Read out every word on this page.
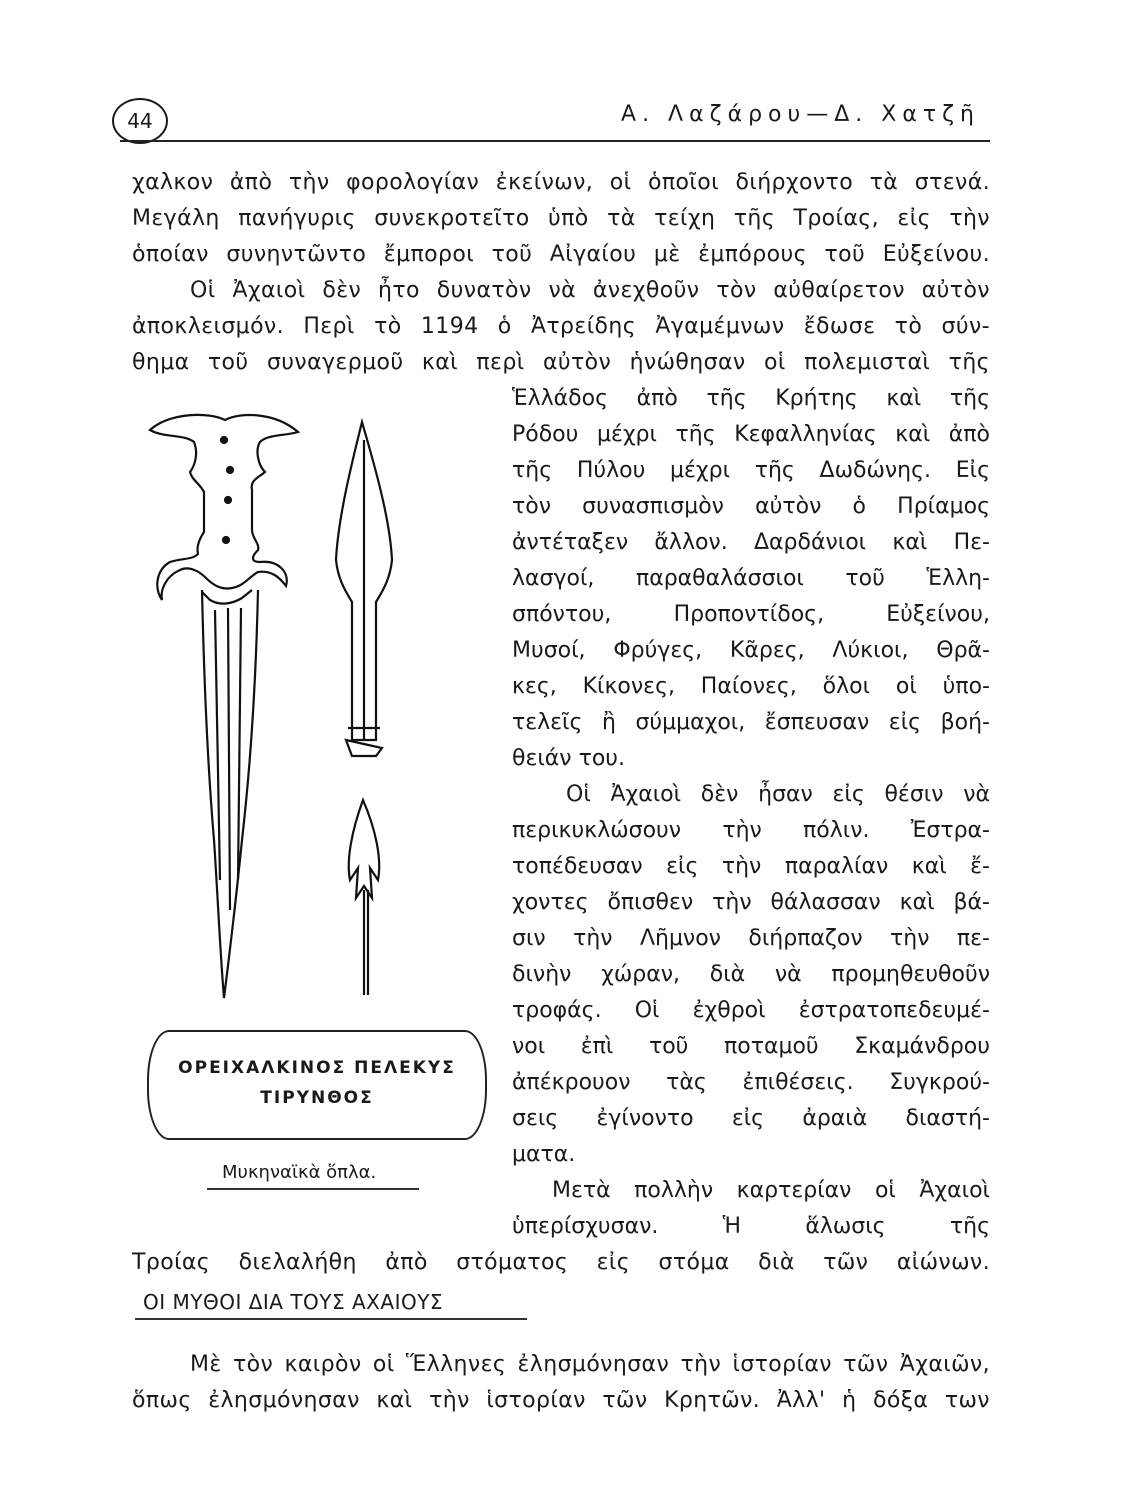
44	Α. Λαζάρου—Δ. Χατζῆ
χαλκον ἀπὸ τὴν φορολογίαν ἐκείνων, οἱ ὁποῖοι διήρχοντο τὰ στενά.
Μεγάλη πανήγυρις συνεκροτεῖτο ὑπὸ τὰ τείχη τῆς Τροίας, εἰς τὴν
ὁποίαν συνηντῶντο ἔμποροι τοῦ Αἰγαίου μὲ ἐμπόρους τοῦ Εὐξείνου.
Οἱ Ἀχαιοὶ δὲν ἦτο δυνατὸν νὰ ἀνεχθοῦν τὸν αὐθαίρετον αὐτὸν
ἀποκλεισμόν. Περὶ τὸ 1194 ὁ Ἀτρείδης Ἀγαμέμνων ἔδωσε τὸ σύν-
θημα τοῦ συναγερμοῦ καὶ περὶ αὐτὸν ἡνώθησαν οἱ πολεμισταὶ τῆς
Ἑλλάδος ἀπὸ τῆς Κρήτης καὶ τῆς
Ρόδου μέχρι τῆς Κεφαλληνίας καὶ ἀπὸ
τῆς Πύλου μέχρι τῆς Δωδώνης. Εἰς
τὸν συνασπισμὸν αὐτὸν ὁ Πρίαμος
ἀντέταξεν ἄλλον. Δαρδάνιοι καὶ Πε-
λασγοί, παραθαλάσσιοι τοῦ Ἑλλη-
σπόντου, Προποντίδος, Εὐξείνου,
Μυσοί, Φρύγες, Κᾶρες, Λύκιοι, Θρᾶ-
κες, Κίκονες, Παίονες, ὅλοι οἱ ὑπο-
τελεῖς ἢ σύμμαχοι, ἔσπευσαν εἰς βοή-
θειάν του.
Οἱ Ἀχαιοὶ δὲν ἦσαν εἰς θέσιν νὰ
περικυκλώσουν τὴν πόλιν. Ἐστρα-
τοπέδευσαν εἰς τὴν παραλίαν καὶ ἔ-
χοντες ὄπισθεν τὴν θάλασσαν καὶ βά-
σιν τὴν Λῆμνον διήρπαζον τὴν πε-
δινὴν χώραν, διὰ νὰ προμηθευθοῦν
τροφάς. Οἱ ἐχθροὶ ἐστρατοπεδευμέ-
νοι ἐπὶ τοῦ ποταμοῦ Σκαμάνδρου
ἀπέκρουον τὰς ἐπιθέσεις. Συγκρού-
σεις ἐγίνοντο εἰς ἀραιὰ διαστή-
ματα.
Μετὰ πολλὴν καρτερίαν οἱ Ἀχαιοὶ
ὑπερίσχυσαν. Ἡ ἅλωσις τῆς
Τροίας διελαλήθη ἀπὸ στόματος εἰς στόμα διὰ τῶν αἰώνων.
ΟΡΕΙΧΑΛΚΙΝΟΣ ΠΕΛΕΚΥΣ
ΤΙΡΥΝΘΟΣ
Μυκηναϊκὰ ὅπλα.
ΟΙ ΜΥΘΟΙ ΔΙΑ ΤΟΥΣ ΑΧΑΙΟΥΣ
Μὲ τὸν καιρὸν οἱ Ἕλληνες ἐλησμόνησαν τὴν ἱστορίαν τῶν Ἀχαιῶν,
ὅπως ἐλησμόνησαν καὶ τὴν ἱστορίαν τῶν Κρητῶν. Ἀλλ' ἡ δόξα των
